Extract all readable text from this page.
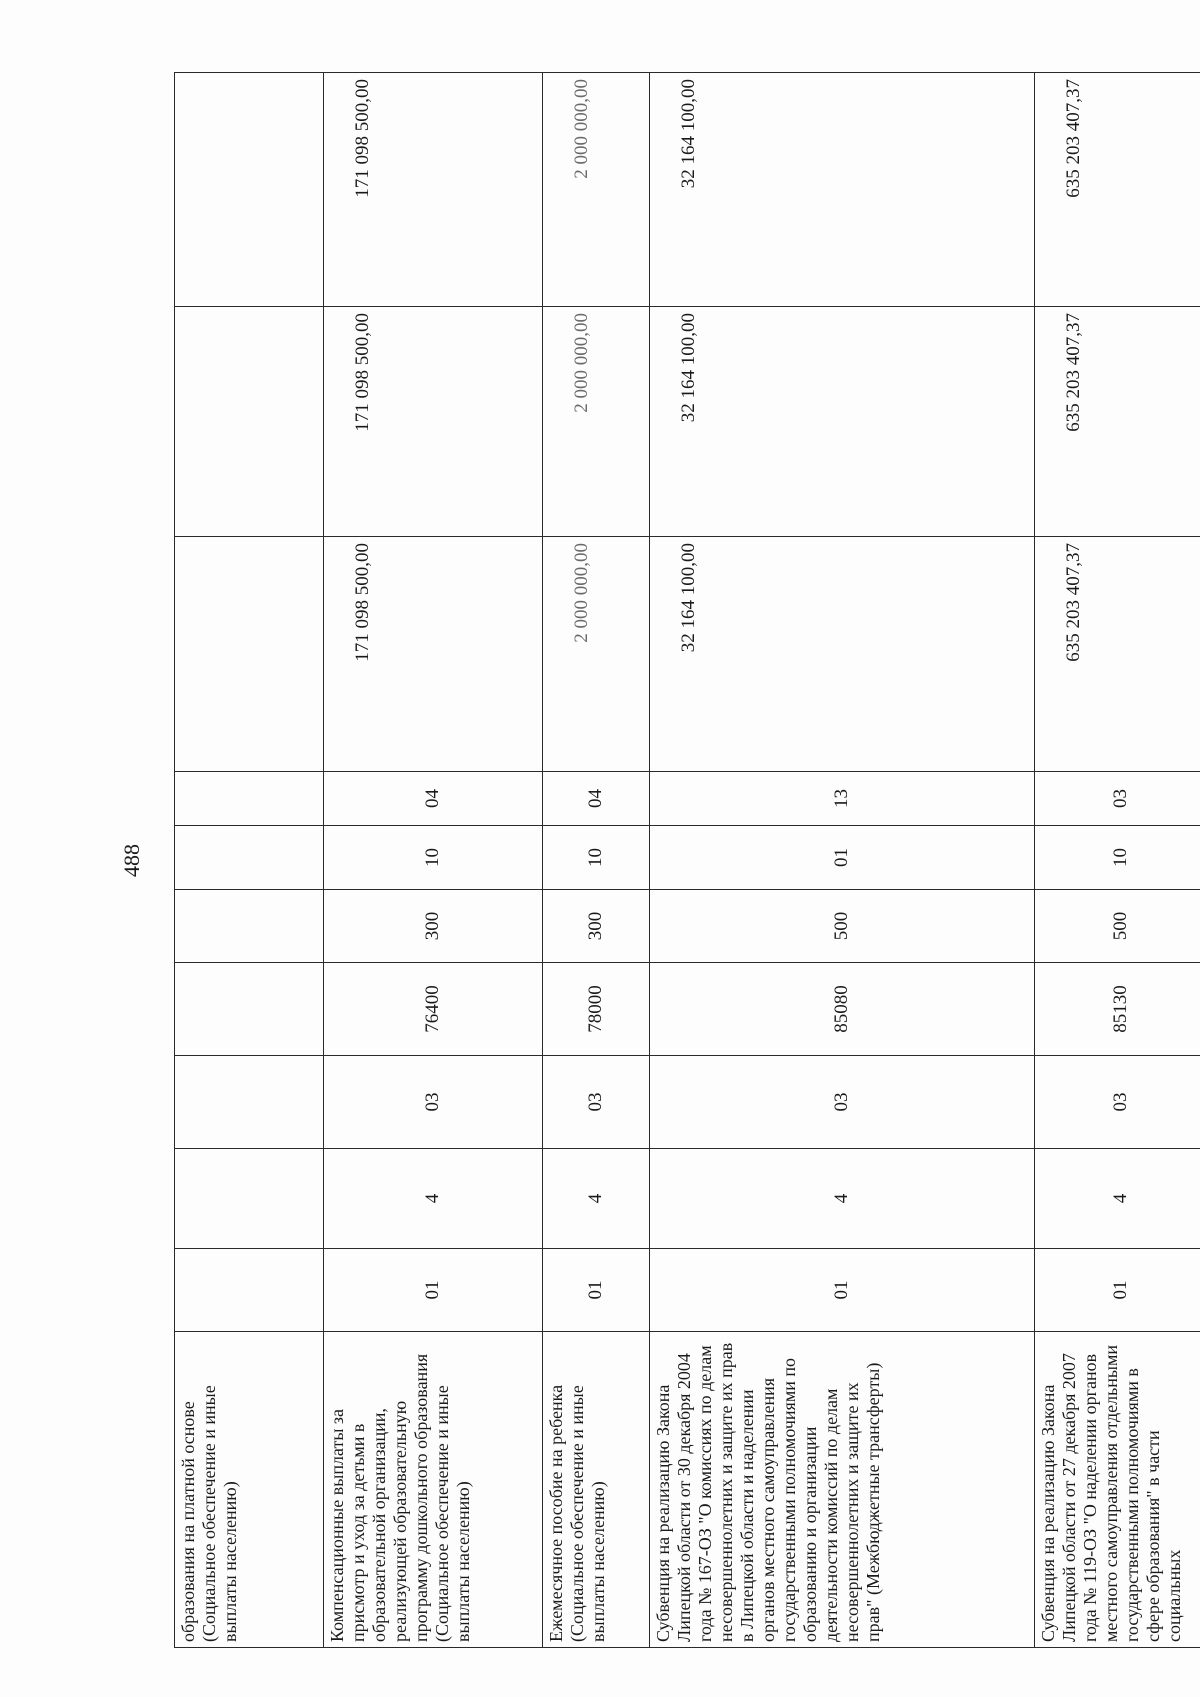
488
образования на платной основе (Социальное обеспечение и иные выплаты населению)										
Компенсационные выплаты за присмотр и уход за детьми в образовательной организации, реализующей образовательную программу дошкольного образования (Социальное обеспечение и иные выплаты населению)	01	4	03	76400	300	10	04	171 098 500,00	171 098 500,00	171 098 500,00
Ежемесячное пособие на ребенка (Социальное обеспечение и иные выплаты населению)	01	4	03	78000	300	10	04	2 000 000,00	2 000 000,00	2 000 000,00
Субвенция на реализацию Закона Липецкой области от 30 декабря 2004 года № 167-ОЗ "О комиссиях по делам несовершеннолетних и защите их прав в Липецкой области и наделении органов местного самоуправления государственными полномочиями по образованию и организации деятельности комиссий по делам несовершеннолетних и защите их прав" (Межбюджетные трансферты)	01	4	03	85080	500	01	13	32 164 100,00	32 164 100,00	32 164 100,00
Субвенция на реализацию Закона Липецкой области от 27 декабря 2007 года № 119-ОЗ "О наделении органов местного самоуправления отдельными государственными полномочиями в сфере образования" в части социальных	01	4	03	85130	500	10	03	635 203 407,37	635 203 407,37	635 203 407,37
